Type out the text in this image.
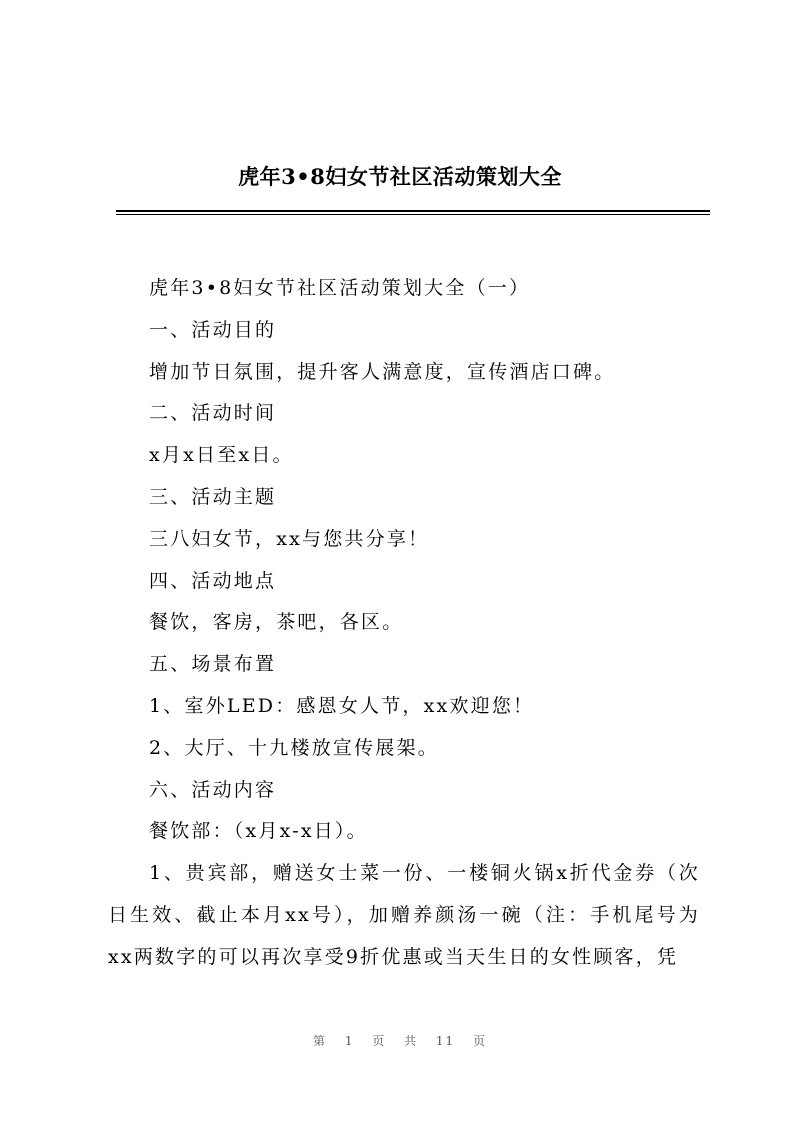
虎年3•8妇女节社区活动策划大全

虎年3•8妇女节社区活动策划大全（一）

一、活动目的

增加节日氛围，提升客人满意度，宣传酒店口碑。

二、活动时间

x月x日至x日。

三、活动主题

三八妇女节，xx与您共分享！

四、活动地点

餐饮，客房，茶吧，各区。

五、场景布置

1、室外LED：感恩女人节，xx欢迎您！

2、大厅、十九楼放宣传展架。

六、活动内容

餐饮部：（x月x-x日）。

1、贵宾部，赠送女士菜一份、一楼铜火锅x折代金券（次日生效、截止本月xx号），加赠养颜汤一碗（注：手机尾号为xx两数字的可以再次享受9折优惠或当天生日的女性顾客，凭

第 1 页 共 11 页
